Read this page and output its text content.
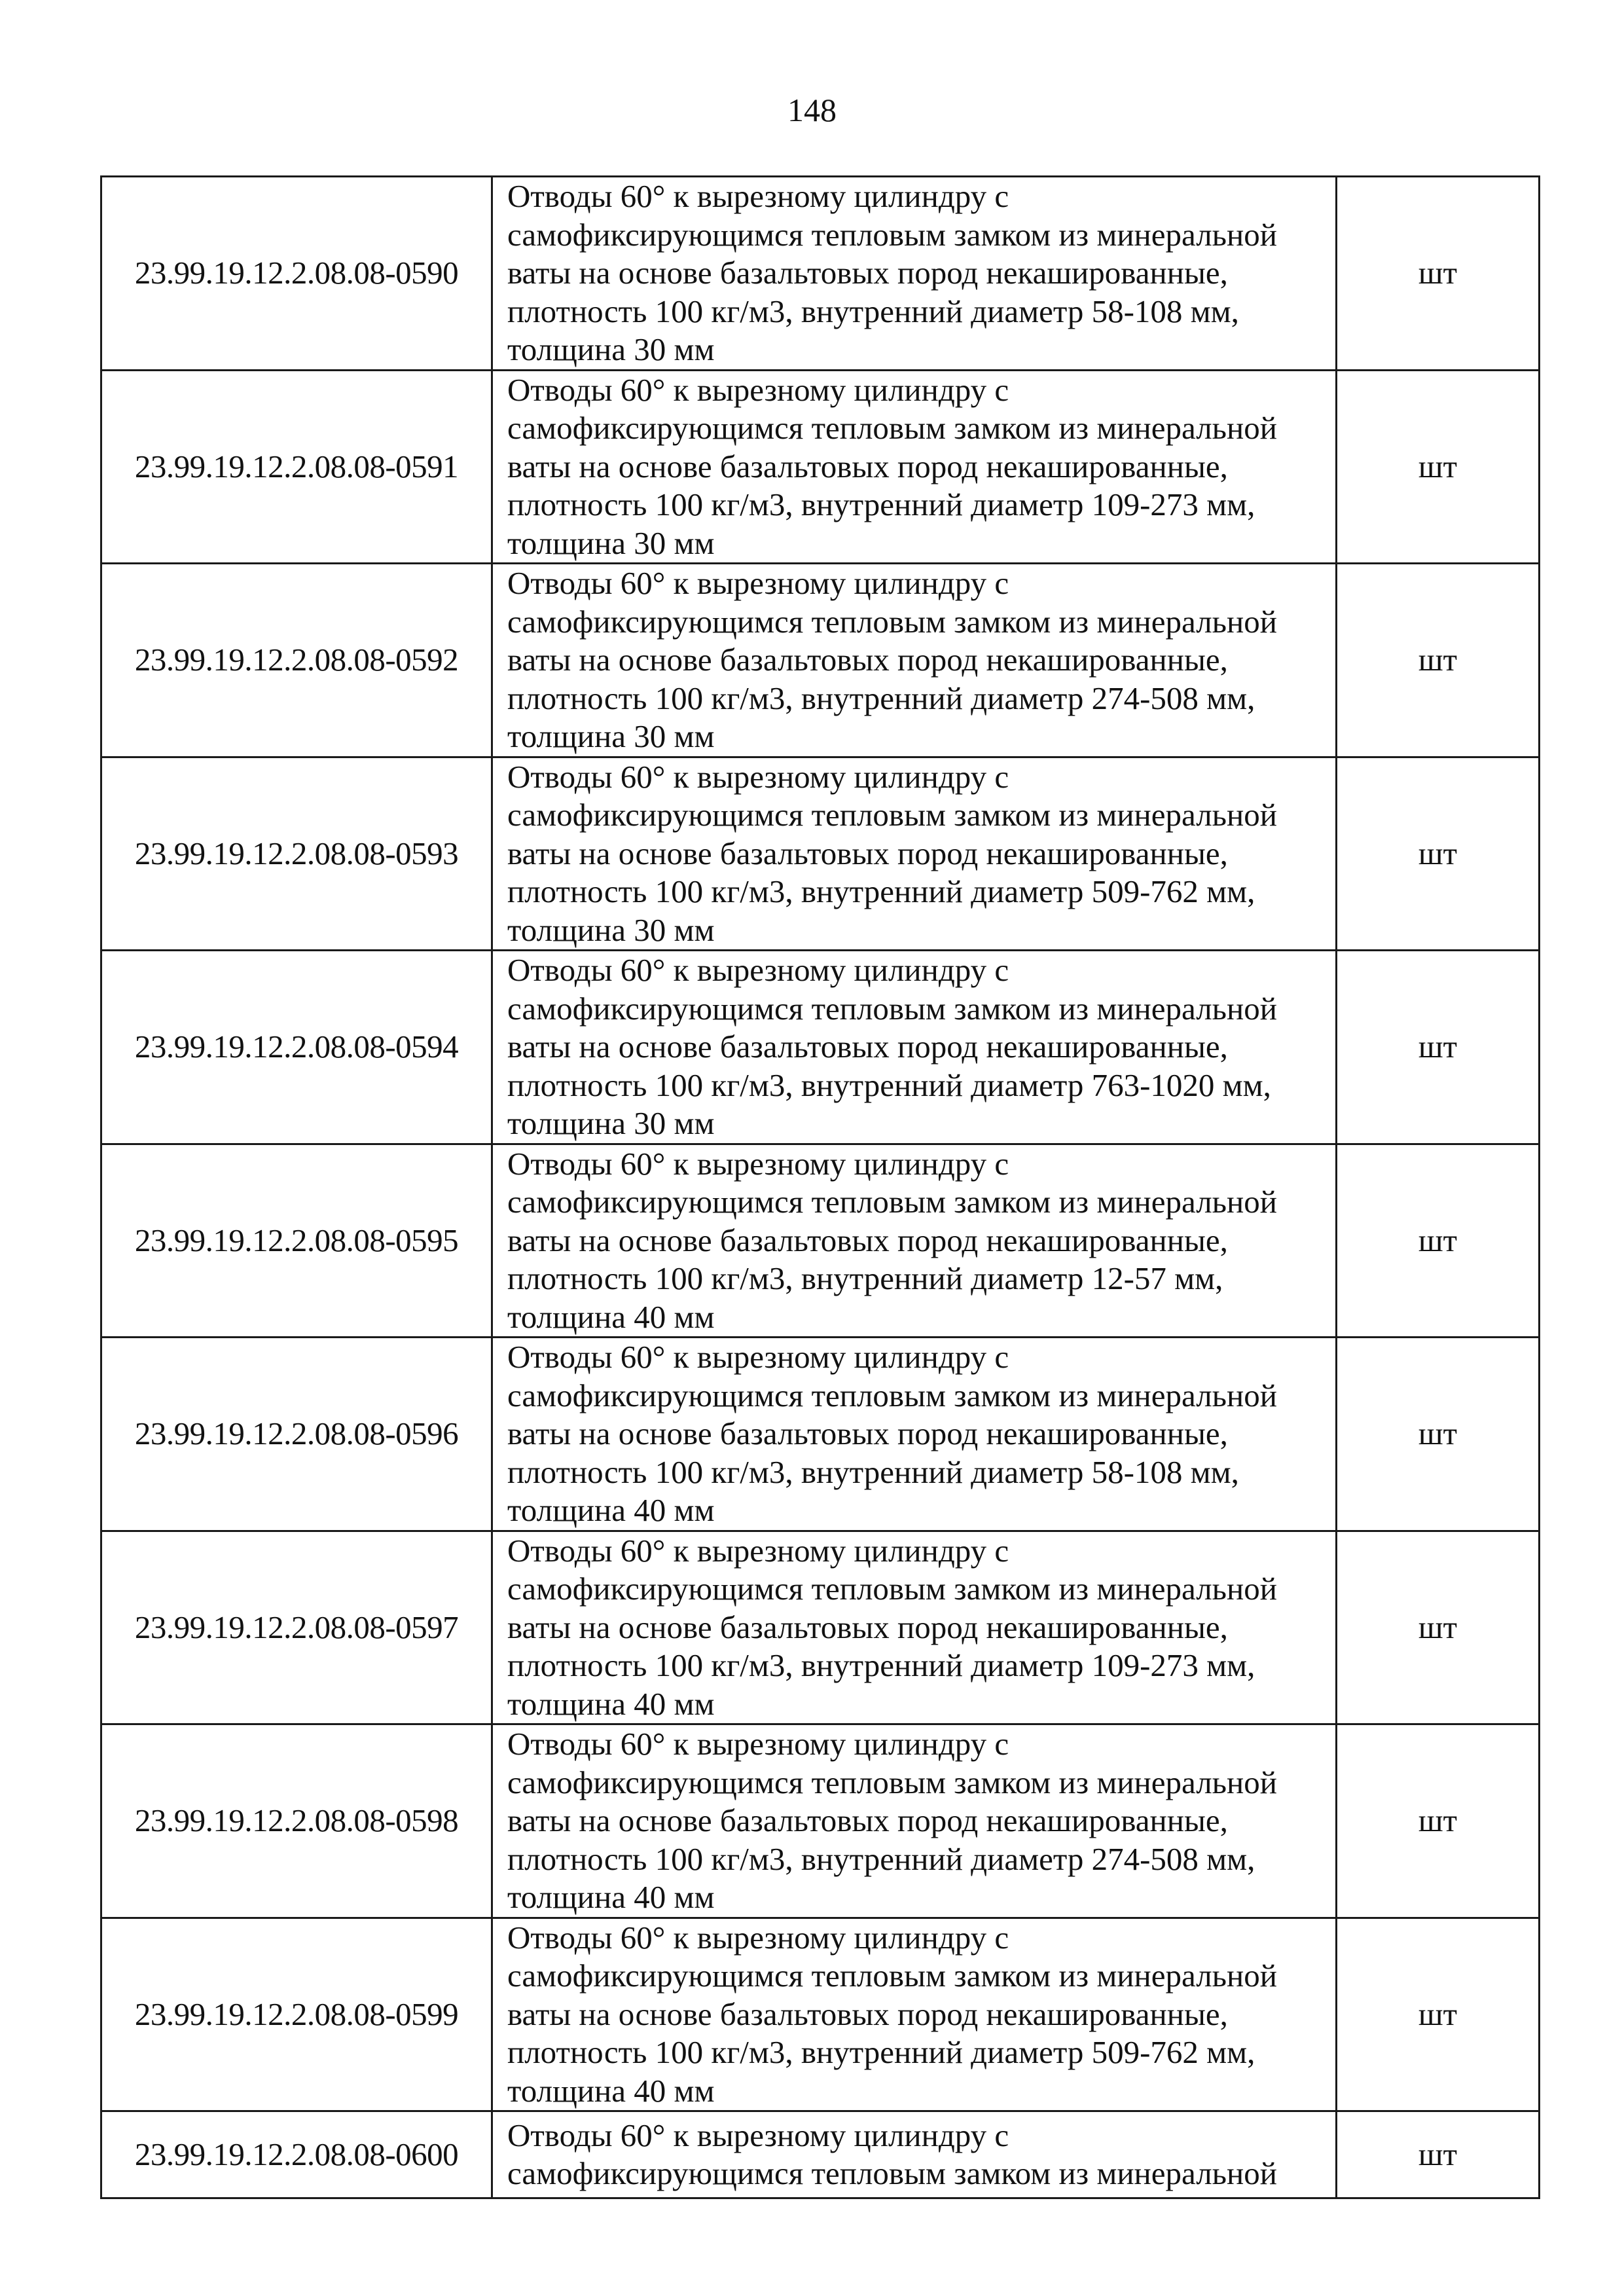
148
23.99.19.12.2.08.08-0590	Отводы 60° к вырезному цилиндру с
самофиксирующимся тепловым замком из минеральной
ваты на основе базальтовых пород некашированные,
плотность 100 кг/м3, внутренний диаметр 58-108 мм,
толщина 30 мм	шт
23.99.19.12.2.08.08-0591	Отводы 60° к вырезному цилиндру с
самофиксирующимся тепловым замком из минеральной
ваты на основе базальтовых пород некашированные,
плотность 100 кг/м3, внутренний диаметр 109-273 мм,
толщина 30 мм	шт
23.99.19.12.2.08.08-0592	Отводы 60° к вырезному цилиндру с
самофиксирующимся тепловым замком из минеральной
ваты на основе базальтовых пород некашированные,
плотность 100 кг/м3, внутренний диаметр 274-508 мм,
толщина 30 мм	шт
23.99.19.12.2.08.08-0593	Отводы 60° к вырезному цилиндру с
самофиксирующимся тепловым замком из минеральной
ваты на основе базальтовых пород некашированные,
плотность 100 кг/м3, внутренний диаметр 509-762 мм,
толщина 30 мм	шт
23.99.19.12.2.08.08-0594	Отводы 60° к вырезному цилиндру с
самофиксирующимся тепловым замком из минеральной
ваты на основе базальтовых пород некашированные,
плотность 100 кг/м3, внутренний диаметр 763-1020 мм,
толщина 30 мм	шт
23.99.19.12.2.08.08-0595	Отводы 60° к вырезному цилиндру с
самофиксирующимся тепловым замком из минеральной
ваты на основе базальтовых пород некашированные,
плотность 100 кг/м3, внутренний диаметр 12-57 мм,
толщина 40 мм	шт
23.99.19.12.2.08.08-0596	Отводы 60° к вырезному цилиндру с
самофиксирующимся тепловым замком из минеральной
ваты на основе базальтовых пород некашированные,
плотность 100 кг/м3, внутренний диаметр 58-108 мм,
толщина 40 мм	шт
23.99.19.12.2.08.08-0597	Отводы 60° к вырезному цилиндру с
самофиксирующимся тепловым замком из минеральной
ваты на основе базальтовых пород некашированные,
плотность 100 кг/м3, внутренний диаметр 109-273 мм,
толщина 40 мм	шт
23.99.19.12.2.08.08-0598	Отводы 60° к вырезному цилиндру с
самофиксирующимся тепловым замком из минеральной
ваты на основе базальтовых пород некашированные,
плотность 100 кг/м3, внутренний диаметр 274-508 мм,
толщина 40 мм	шт
23.99.19.12.2.08.08-0599	Отводы 60° к вырезному цилиндру с
самофиксирующимся тепловым замком из минеральной
ваты на основе базальтовых пород некашированные,
плотность 100 кг/м3, внутренний диаметр 509-762 мм,
толщина 40 мм	шт
23.99.19.12.2.08.08-0600	Отводы 60° к вырезному цилиндру с
самофиксирующимся тепловым замком из минеральной	шт
